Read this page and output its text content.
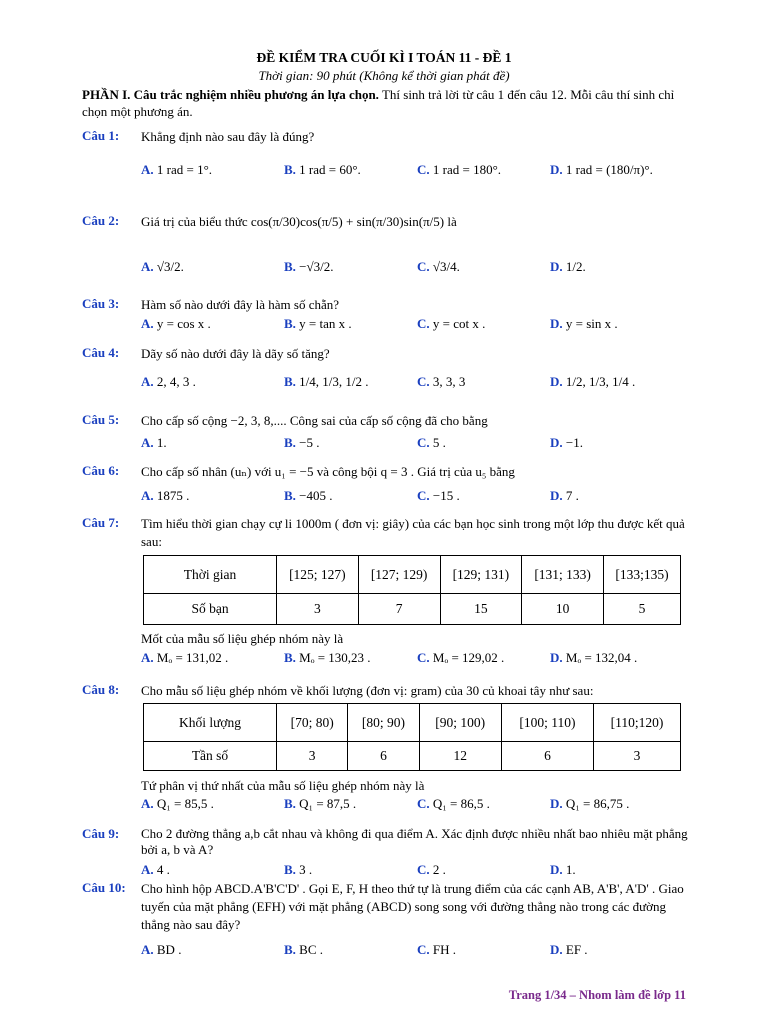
ĐỀ KIỂM TRA CUỐI KÌ I TOÁN 11 - ĐỀ 1
Thời gian: 90 phút (Không kể thời gian phát đề)
PHẦN I. Câu trắc nghiệm nhiều phương án lựa chọn. Thí sinh trả lời từ câu 1 đến câu 12. Mỗi câu thí sinh chỉ chọn một phương án.
Câu 1:	Khẳng định nào sau đây là đúng?
A. 1 rad = 1°.	B. 1 rad = 60°.	C. 1 rad = 180°.	D. 1 rad = (180/π)°.
Câu 2:	Giá trị của biểu thức cos(π/30)cos(π/5) + sin(π/30)sin(π/5) là
A. √3/2.	B. −√3/2.	C. √3/4.	D. 1/2.
Câu 3:	Hàm số nào dưới đây là hàm số chẵn?
A. y = cos x .	B. y = tan x .	C. y = cot x .	D. y = sin x .
Câu 4:	Dãy số nào dưới đây là dãy số tăng?
A. 2, 4, 3 .	B. 1/4, 1/3, 1/2 .	C. 3, 3, 3	D. 1/2, 1/3, 1/4 .
Câu 5:	Cho cấp số cộng −2, 3, 8,.... Công sai của cấp số cộng đã cho bằng
A. 1.	B. −5 .	C. 5 .	D. −1.
Câu 6:	Cho cấp số nhân (uₙ) với u₁ = −5 và công bội q = 3 . Giá trị của u₅ bằng
A. 1875 .	B. −405 .	C. −15 .	D. 7 .
Câu 7:	Tìm hiểu thời gian chạy cự li 1000m ( đơn vị: giây) của các bạn học sinh trong một lớp thu được kết quả sau:
Thời gian	[125; 127)	[127; 129)	[129; 131)	[131; 133)	[133;135)
Số bạn	3	7	15	10	5
Mốt của mẫu số liệu ghép nhóm này là
A. Mₒ = 131,02 .	B. Mₒ = 130,23 .	C. Mₒ = 129,02 .	D. Mₒ = 132,04 .
Câu 8:	Cho mẫu số liệu ghép nhóm về khối lượng (đơn vị: gram) của 30 củ khoai tây như sau:
Khối lượng	[70; 80)	[80; 90)	[90; 100)	[100; 110)	[110;120)
Tần số	3	6	12	6	3
Tứ phân vị thứ nhất của mẫu số liệu ghép nhóm này là
A. Q₁ = 85,5 .	B. Q₁ = 87,5 .	C. Q₁ = 86,5 .	D. Q₁ = 86,75 .
Câu 9:	Cho 2 đường thẳng a,b cắt nhau và không đi qua điểm A. Xác định được nhiều nhất bao nhiêu mặt phẳng bởi a, b và A?
A. 4 .	B. 3 .	C. 2 .	D. 1.
Câu 10:	Cho hình hộp ABCD.A'B'C'D' . Gọi E, F, H theo thứ tự là trung điểm của các cạnh AB, A'B', A'D' . Giao tuyến của mặt phẳng (EFH) với mặt phẳng (ABCD) song song với đường thẳng nào trong các đường thẳng nào sau đây?
A. BD .	B. BC .	C. FH .	D. EF .
Trang 1/34 – Nhom làm đề lớp 11
